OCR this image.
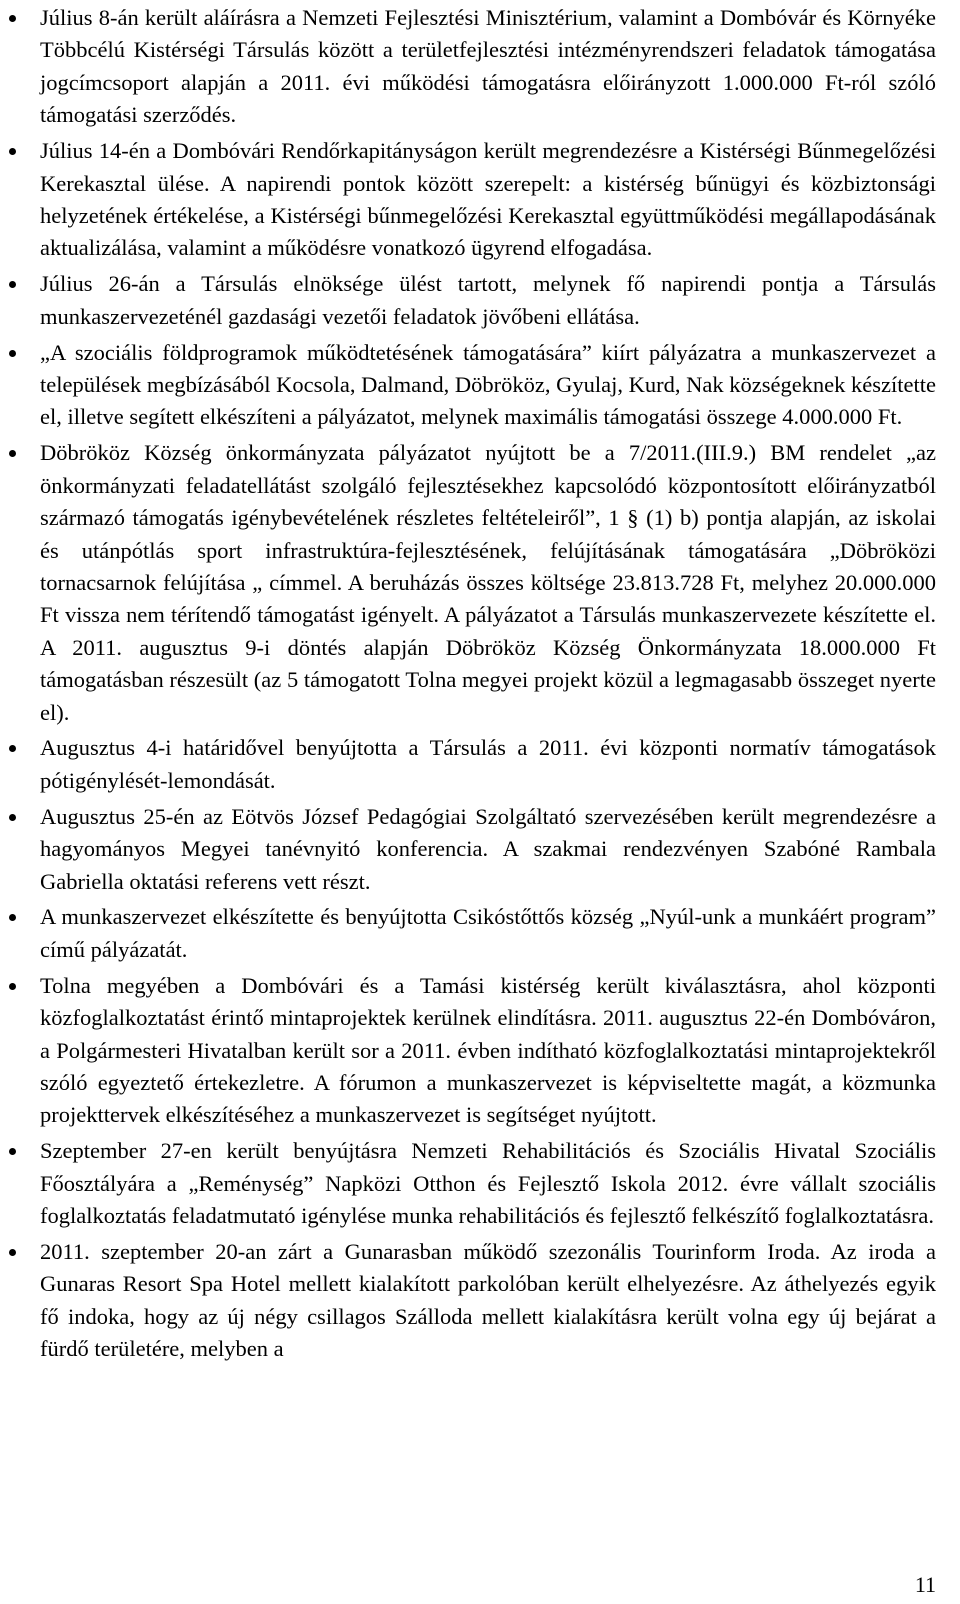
Július 8-án került aláírásra a Nemzeti Fejlesztési Minisztérium, valamint a Dombóvár és Környéke Többcélú Kistérségi Társulás között a területfejlesztési intézményrendszeri feladatok támogatása jogcímcsoport alapján a 2011. évi működési támogatásra előirányzott 1.000.000 Ft-ról szóló támogatási szerződés.
Július 14-én a Dombóvári Rendőrkapitányságon került megrendezésre a Kistérségi Bűnmegelőzési Kerekasztal ülése. A napirendi pontok között szerepelt: a kistérség bűnügyi és közbiztonsági helyzetének értékelése, a Kistérségi bűnmegelőzési Kerekasztal együttműködési megállapodásának aktualizálása, valamint a működésre vonatkozó ügyrend elfogadása.
Július 26-án a Társulás elnöksége ülést tartott, melynek fő napirendi pontja a Társulás munkaszervezeténél gazdasági vezetői feladatok jövőbeni ellátása.
„A szociális földprogramok működtetésének támogatására” kiírt pályázatra a munkaszervezet a települések megbízásából Kocsola, Dalmand, Döbrököz, Gyulaj, Kurd, Nak községeknek készítette el, illetve segített elkészíteni a pályázatot, melynek maximális támogatási összege 4.000.000 Ft.
Döbrököz Község önkormányzata pályázatot nyújtott be a 7/2011.(III.9.) BM rendelet „az önkormányzati feladatellátást szolgáló fejlesztésekhez kapcsolódó központosított előirányzatból származó támogatás igénybevételének részletes feltételeiről”, 1 § (1) b) pontja alapján, az iskolai és utánpótlás sport infrastruktúra-fejlesztésének, felújításának támogatására „Döbröközi tornacsarnok felújítása „ címmel. A beruházás összes költsége 23.813.728 Ft, melyhez 20.000.000 Ft vissza nem térítendő támogatást igényelt. A pályázatot a Társulás munkaszervezete készítette el. A 2011. augusztus 9-i döntés alapján Döbrököz Község Önkormányzata 18.000.000 Ft támogatásban részesült (az 5 támogatott Tolna megyei projekt közül a legmagasabb összeget nyerte el).
Augusztus 4-i határidővel benyújtotta a Társulás a 2011. évi központi normatív támogatások pótigénylését-lemondását.
Augusztus 25-én az Eötvös József Pedagógiai Szolgáltató szervezésében került megrendezésre a hagyományos Megyei tanévnyitó konferencia. A szakmai rendezvényen Szabóné Rambala Gabriella oktatási referens vett részt.
A munkaszervezet elkészítette és benyújtotta Csikóstőttős község „Nyúl-unk a munkáért program” című pályázatát.
Tolna megyében a Dombóvári és a Tamási kistérség került kiválasztásra, ahol központi közfoglalkoztatást érintő mintaprojektek kerülnek elindításra. 2011. augusztus 22-én Dombóváron, a Polgármesteri Hivatalban került sor a 2011. évben indítható közfoglalkoztatási mintaprojektekről szóló egyeztető értekezletre. A fórumon a munkaszervezet is képviseltette magát, a közmunka projekttervek elkészítéséhez a munkaszervezet is segítséget nyújtott.
Szeptember 27-en került benyújtásra Nemzeti Rehabilitációs és Szociális Hivatal Szociális Főosztályára a „Reménység” Napközi Otthon és Fejlesztő Iskola 2012. évre vállalt szociális foglalkoztatás feladatmutató igénylése munka rehabilitációs és fejlesztő felkészítő foglalkoztatásra.
2011. szeptember 20-an zárt a Gunarasban működő szezonális Tourinform Iroda. Az iroda a Gunaras Resort Spa Hotel mellett kialakított parkolóban került elhelyezésre. Az áthelyezés egyik fő indoka, hogy az új négy csillagos Szálloda mellett kialakításra került volna egy új bejárat a fürdő területére, melyben a
11
